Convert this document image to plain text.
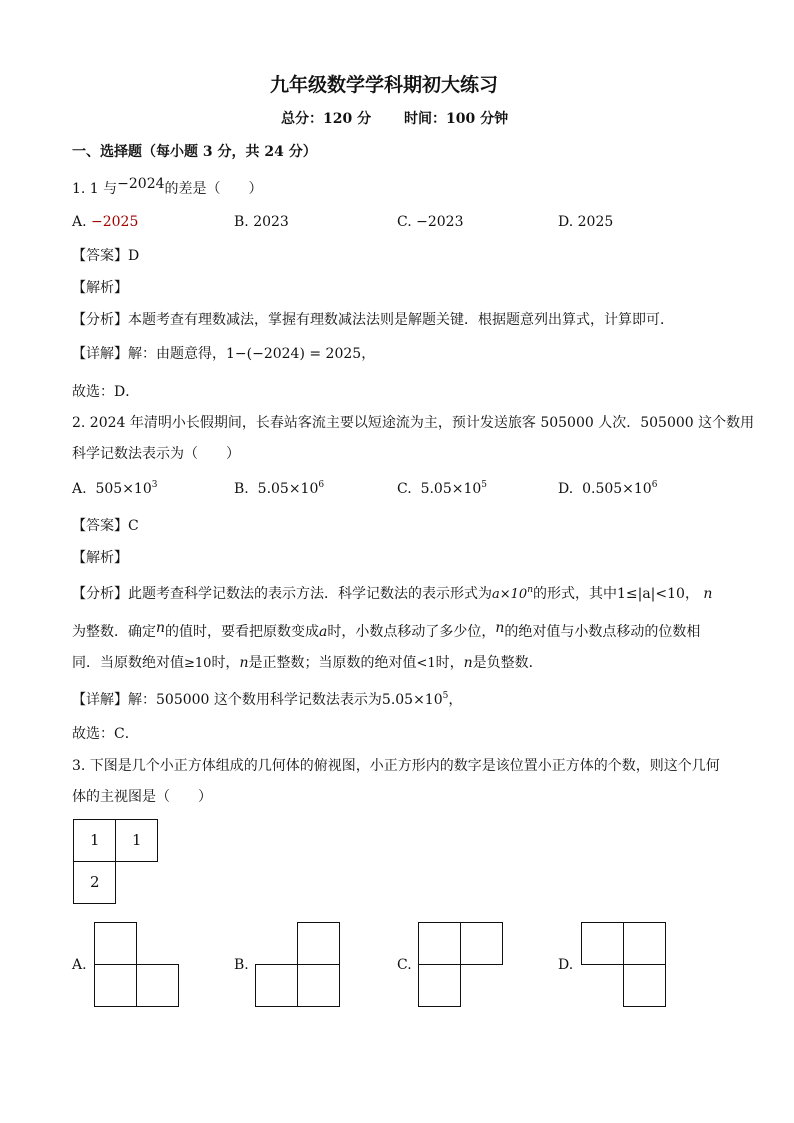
九年级数学学科期初大练习
总分：120 分 时间：100 分钟
一、选择题（每小题 3 分，共 24 分）
1. 1 与−2024的差是（　　）
A. −2025	B. 2023	C. −2023	D. 2025
【答案】D
【解析】
【分析】本题考查有理数减法，掌握有理数减法法则是解题关键．根据题意列出算式，计算即可．
【详解】解：由题意得，1−(−2024) = 2025，
故选：D．
2. 2024 年清明小长假期间，长春站客流主要以短途流为主，预计发送旅客 505000 人次．505000 这个数用
科学记数法表示为（　　）
A. $505\times 10^3$	B. $5.05\times 10^6$	C. $5.05\times 10^5$	D. $0.505\times 10^6$
【答案】C
【解析】
【分析】此题考查科学记数法的表示方法．科学记数法的表示形式为$a\times 10^n$的形式，其中1≤|a|<10， n
为整数．确定n的值时，要看把原数变成a时，小数点移动了多少位，n的绝对值与小数点移动的位数相
同．当原数绝对值≥10时，n是正整数；当原数的绝对值<1时，n是负整数．
【详解】解：505000 这个数用科学记数法表示为$5.05\times 10^5$，
故选：C．
3. 下图是几个小正方体组成的几何体的俯视图，小正方形内的数字是该位置小正方体的个数，则这个几何
体的主视图是（　　）
1 1
2
A.	B.	C.	D.
